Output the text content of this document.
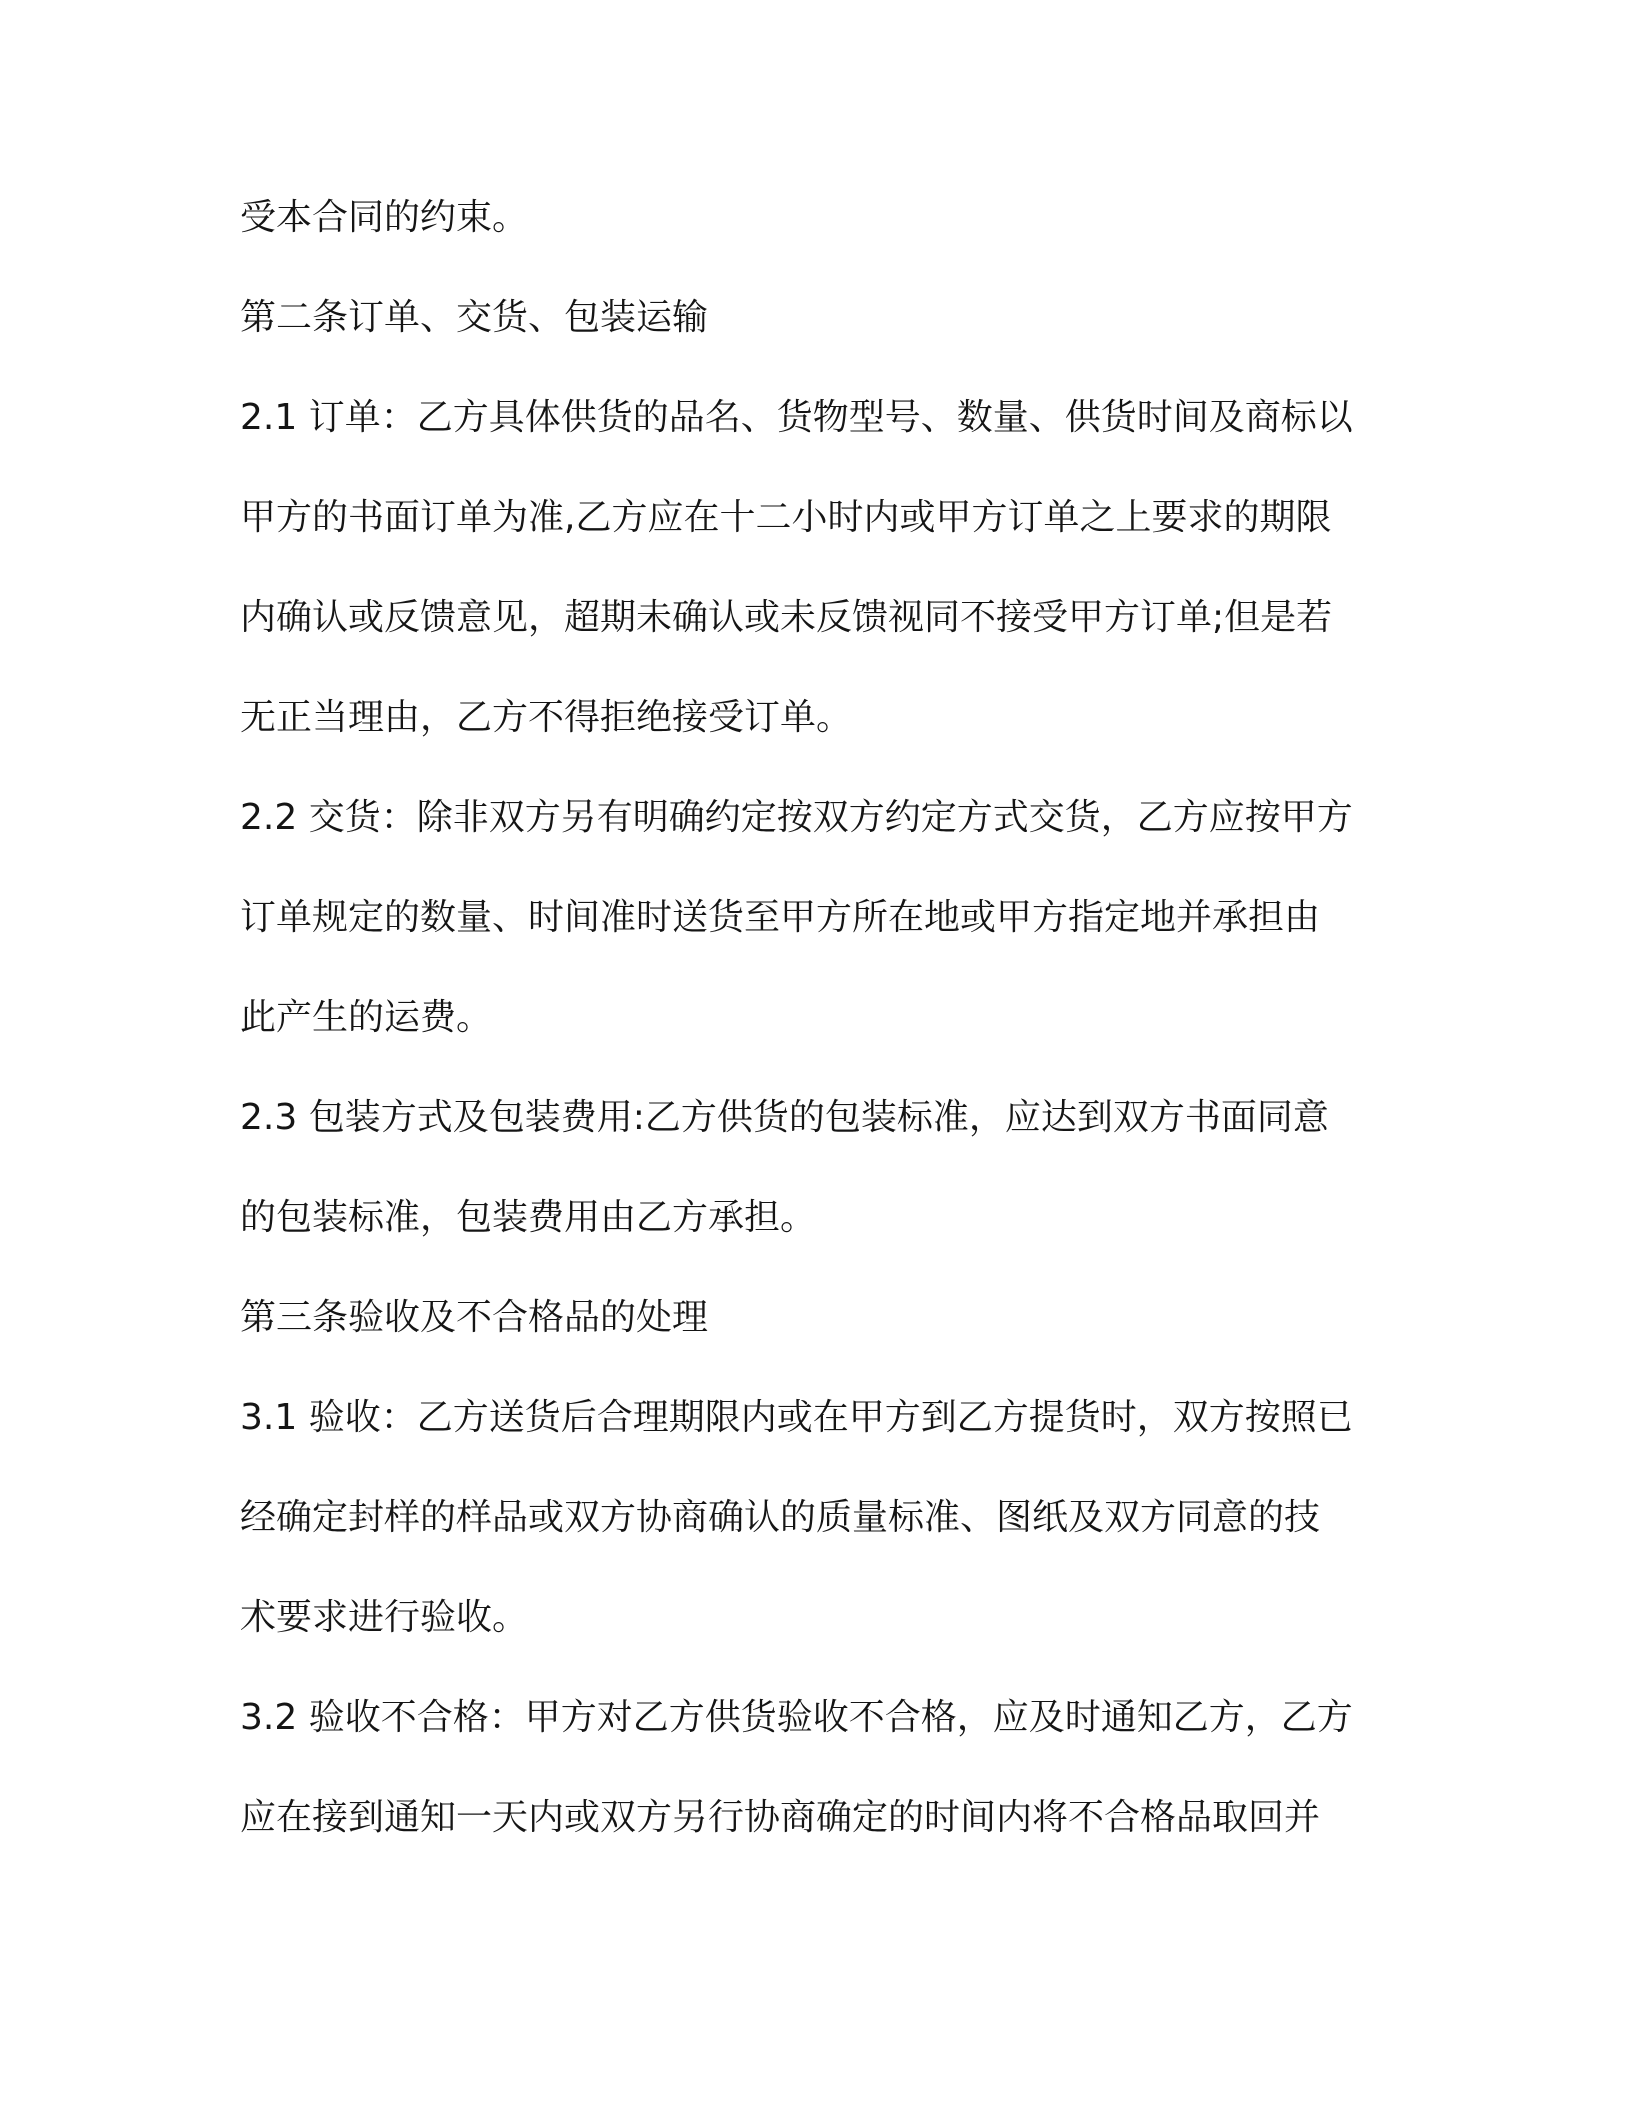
受本合同的约束。

第二条订单、交货、包装运输

2.1 订单：乙方具体供货的品名、货物型号、数量、供货时间及商标以

甲方的书面订单为准,乙方应在十二小时内或甲方订单之上要求的期限

内确认或反馈意见，超期未确认或未反馈视同不接受甲方订单;但是若

无正当理由，乙方不得拒绝接受订单。

2.2 交货：除非双方另有明确约定按双方约定方式交货，乙方应按甲方

订单规定的数量、时间准时送货至甲方所在地或甲方指定地并承担由

此产生的运费。

2.3 包装方式及包装费用:乙方供货的包装标准，应达到双方书面同意

的包装标准，包装费用由乙方承担。

第三条验收及不合格品的处理

3.1 验收：乙方送货后合理期限内或在甲方到乙方提货时，双方按照已

经确定封样的样品或双方协商确认的质量标准、图纸及双方同意的技

术要求进行验收。

3.2 验收不合格：甲方对乙方供货验收不合格，应及时通知乙方，乙方

应在接到通知一天内或双方另行协商确定的时间内将不合格品取回并
